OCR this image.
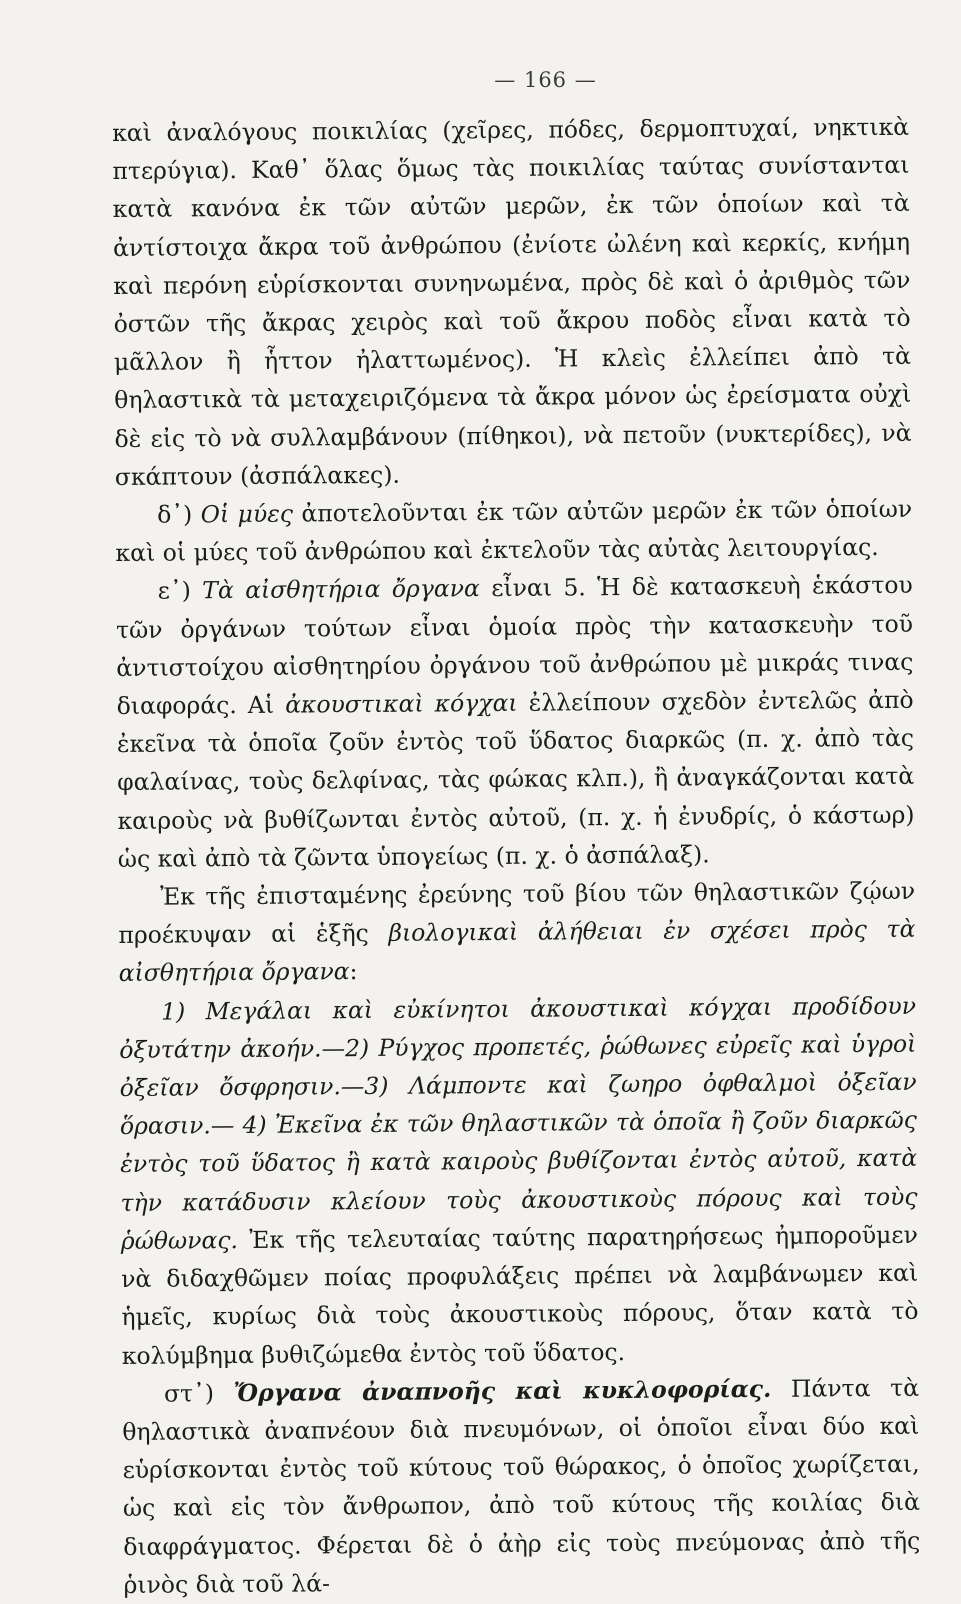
— 166 —

καὶ ἀναλόγους ποικιλίας (χεῖρες, πόδες, δερμοπτυχαί, νηκτικὰ πτερύγια). Καθ᾽ ὅλας ὅμως τὰς ποικιλίας ταύτας συνίστανται κατὰ κανόνα ἐκ τῶν αὐτῶν μερῶν, ἐκ τῶν ὁποίων καὶ τὰ ἀντίστοιχα ἄκρα τοῦ ἀνθρώπου (ἐνίοτε ὠλένη καὶ κερκίς, κνήμη καὶ περόνη εὑρίσκονται συνηνωμένα, πρὸς δὲ καὶ ὁ ἀριθμὸς τῶν ὀστῶν τῆς ἄκρας χειρὸς καὶ τοῦ ἄκρου ποδὸς εἶναι κατὰ τὸ μᾶλλον ἢ ἧττον ἠλαττωμένος). Ἡ κλεὶς ἐλλείπει ἀπὸ τὰ θηλαστικὰ τὰ μεταχειριζόμενα τὰ ἄκρα μόνον ὡς ἐρείσματα οὐχὶ δὲ εἰς τὸ νὰ συλλαμβάνουν (πίθηκοι), νὰ πετοῦν (νυκτερίδες), νὰ σκάπτουν (ἀσπάλακες).

δ᾽) Οἱ μύες ἀποτελοῦνται ἐκ τῶν αὐτῶν μερῶν ἐκ τῶν ὁποίων καὶ οἱ μύες τοῦ ἀνθρώπου καὶ ἐκτελοῦν τὰς αὐτὰς λειτουργίας.

ε᾽) Τὰ αἰσθητήρια ὄργανα εἶναι 5. Ἡ δὲ κατασκευὴ ἑκάστου τῶν ὀργάνων τούτων εἶναι ὁμοία πρὸς τὴν κατασκευὴν τοῦ ἀντιστοίχου αἰσθητηρίου ὀργάνου τοῦ ἀνθρώπου μὲ μικράς τινας διαφοράς. Αἱ ἀκουστικαὶ κόγχαι ἐλλείπουν σχεδὸν ἐντελῶς ἀπὸ ἐκεῖνα τὰ ὁποῖα ζοῦν ἐντὸς τοῦ ὕδατος διαρκῶς (π. χ. ἀπὸ τὰς φαλαίνας, τοὺς δελφίνας, τὰς φώκας κλπ.), ἢ ἀναγκάζονται κατὰ καιροὺς νὰ βυθίζωνται ἐντὸς αὐτοῦ, (π. χ. ἡ ἐνυδρίς, ὁ κάστωρ) ὡς καὶ ἀπὸ τὰ ζῶντα ὑπογείως (π. χ. ὁ ἀσπάλαξ).

Ἐκ τῆς ἐπισταμένης ἐρεύνης τοῦ βίου τῶν θηλαστικῶν ζῴων προέκυψαν αἱ ἑξῆς βιολογικαὶ ἀλήθειαι ἐν σχέσει πρὸς τὰ αἰσθητήρια ὄργανα:

1) Μεγάλαι καὶ εὐκίνητοι ἀκουστικαὶ κόγχαι προδίδουν ὀξυτάτην ἀκοήν.—2) Ρύγχος προπετές, ῥώθωνες εὐρεῖς καὶ ὑγροὶ ὀξεῖαν ὄσφρησιν.—3) Λάμποντε καὶ ζωηρο ὀφθαλμοὶ ὀξεῖαν ὅρασιν.— 4) Ἐκεῖνα ἐκ τῶν θηλαστικῶν τὰ ὁποῖα ἢ ζοῦν διαρκῶς ἐντὸς τοῦ ὕδατος ἢ κατὰ καιροὺς βυθίζονται ἐντὸς αὐτοῦ, κατὰ τὴν κατάδυσιν κλείουν τοὺς ἀκουστικοὺς πόρους καὶ τοὺς ῥώθωνας. Ἐκ τῆς τελευταίας ταύτης παρατηρήσεως ἠμποροῦμεν νὰ διδαχθῶμεν ποίας προφυλάξεις πρέπει νὰ λαμβάνωμεν καὶ ἡμεῖς, κυρίως διὰ τοὺς ἀκουστικοὺς πόρους, ὅταν κατὰ τὸ κολύμβημα βυθιζώμεθα ἐντὸς τοῦ ὕδατος.

στ᾽) Ὄργανα ἀναπνοῆς καὶ κυκλοφορίας. Πάντα τὰ θηλαστικὰ ἀναπνέουν διὰ πνευμόνων, οἱ ὁποῖοι εἶναι δύο καὶ εὑρίσκονται ἐντὸς τοῦ κύτους τοῦ θώρακος, ὁ ὁποῖος χωρίζεται, ὡς καὶ εἰς τὸν ἄνθρωπον, ἀπὸ τοῦ κύτους τῆς κοιλίας διὰ διαφράγματος. Φέρεται δὲ ὁ ἀὴρ εἰς τοὺς πνεύμονας ἀπὸ τῆς ῥινὸς διὰ τοῦ λά-
